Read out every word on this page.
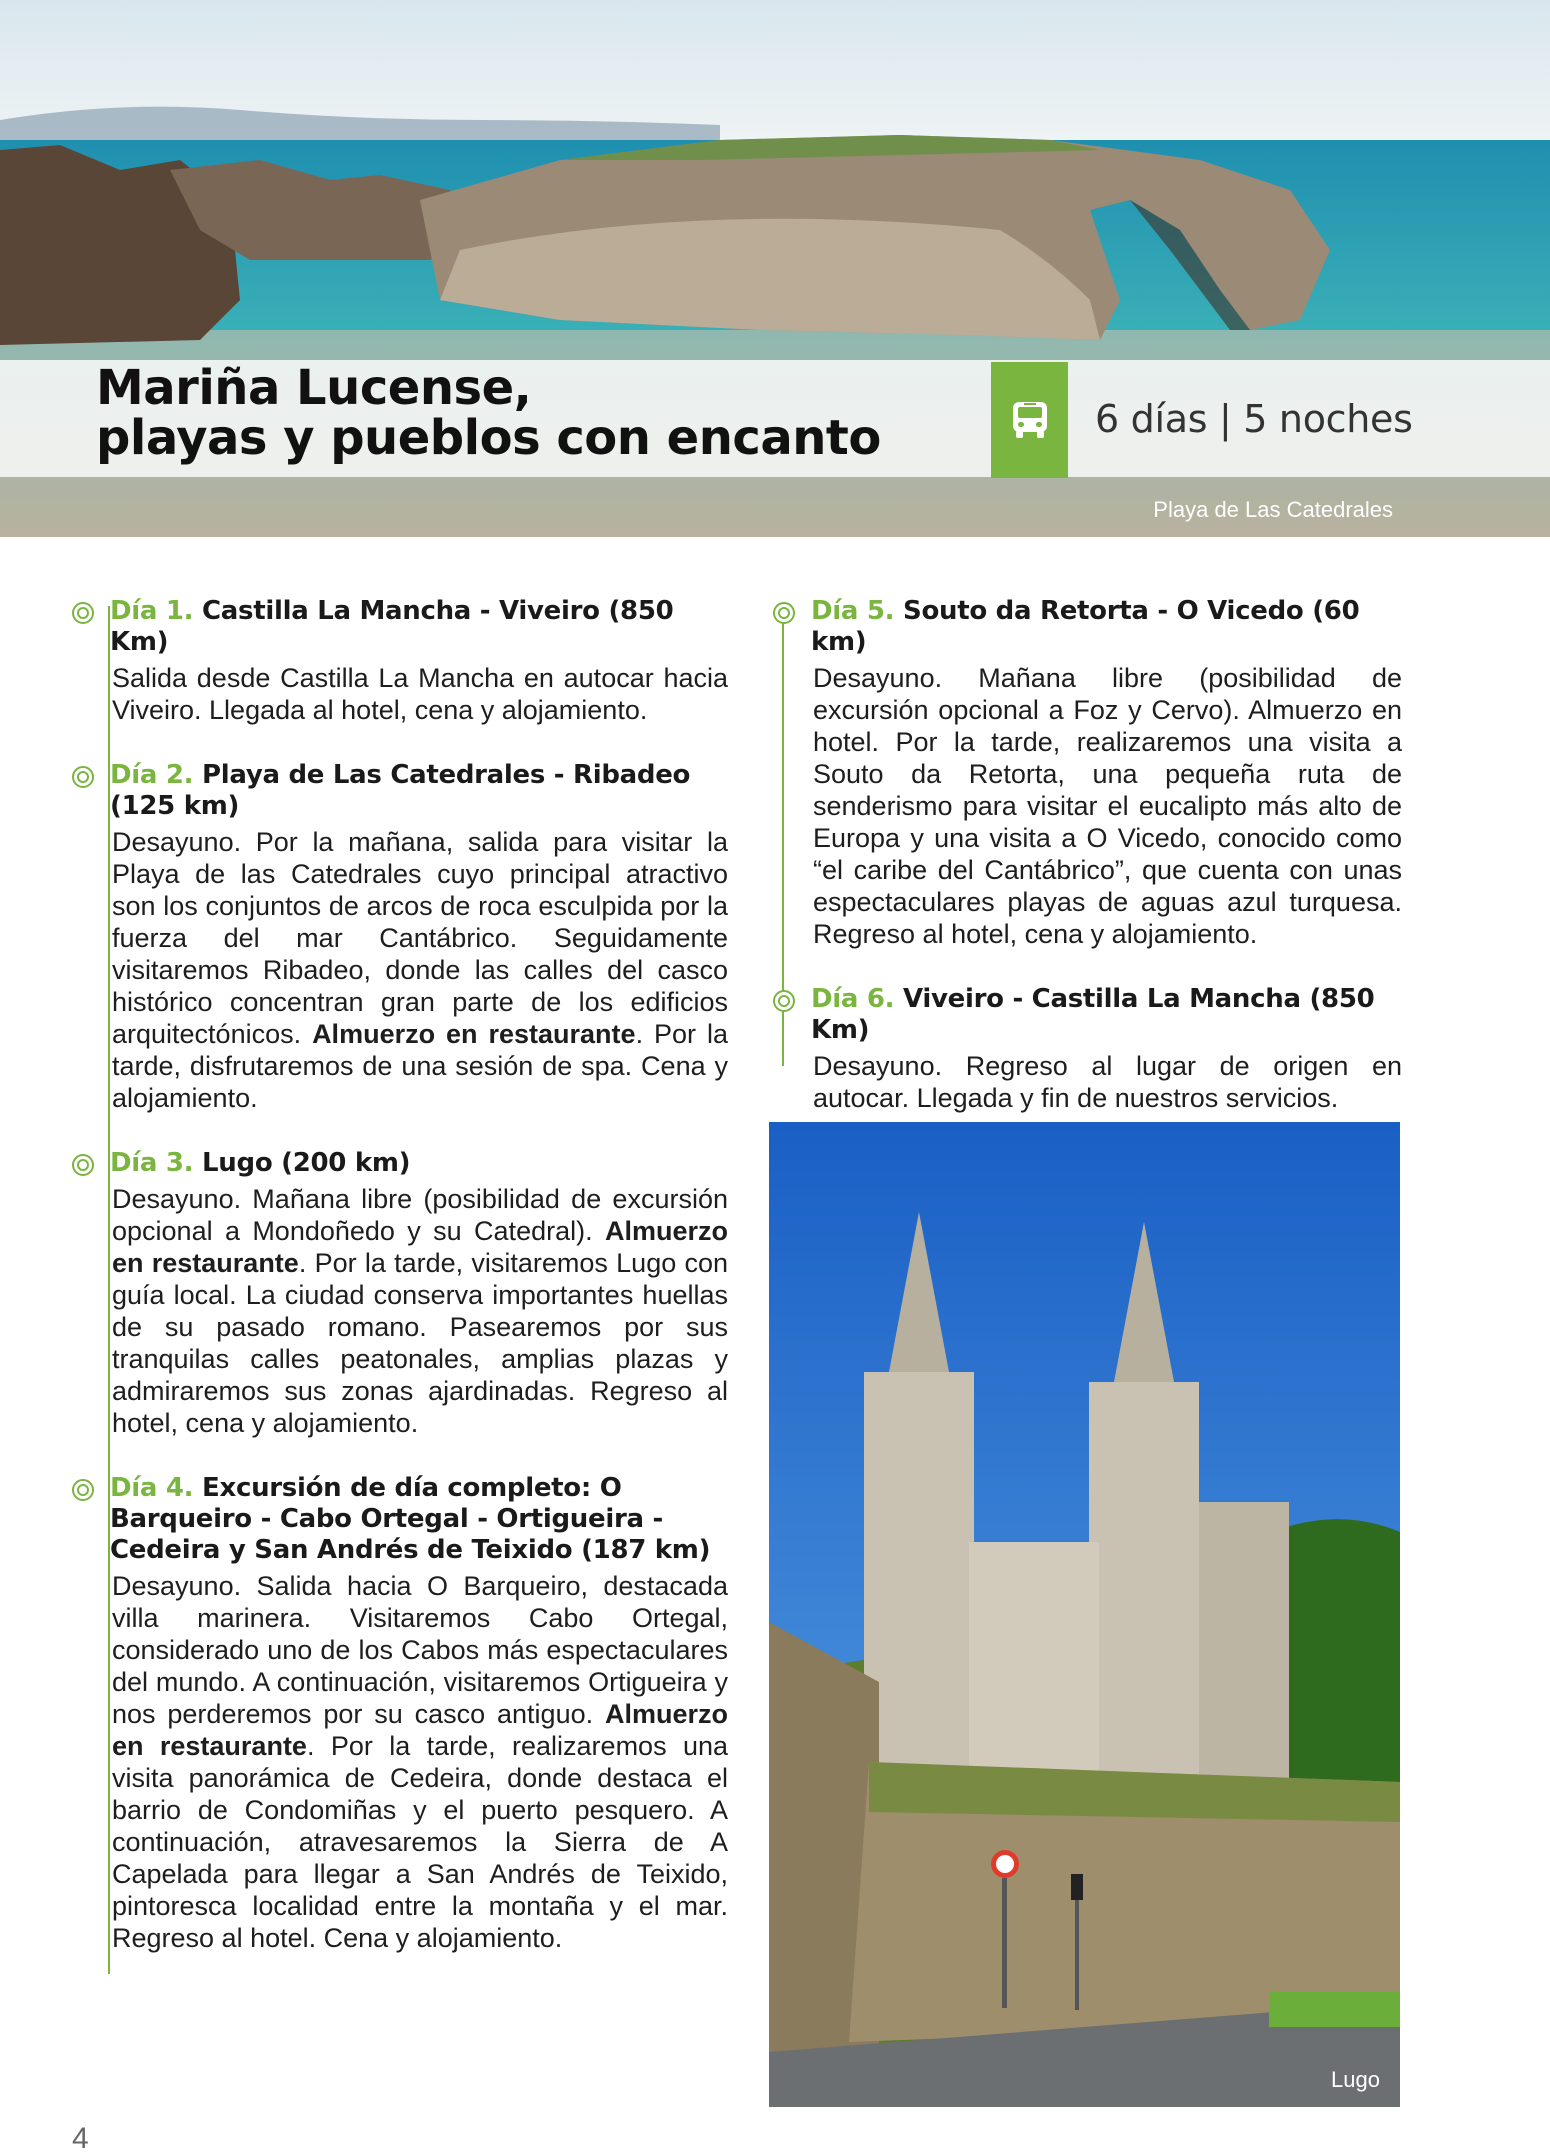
Mariña Lucense,
playas y pueblos con encanto	6 días | 5 noches
Playa de Las Catedrales
Día 1. Castilla La Mancha - Viveiro (850 Km)
Salida desde Castilla La Mancha en autocar hacia Viveiro. Llegada al hotel, cena y alojamiento.
Día 2. Playa de Las Catedrales - Ribadeo (125 km)
Desayuno. Por la mañana, salida para visitar la Playa de las Catedrales cuyo principal atractivo son los conjuntos de arcos de roca esculpida por la fuerza del mar Cantábrico. Seguidamente visitaremos Ribadeo, donde las calles del casco histórico concentran gran parte de los edificios arquitectónicos. Almuerzo en restaurante. Por la tarde, disfrutaremos de una sesión de spa. Cena y alojamiento.
Día 3. Lugo (200 km)
Desayuno. Mañana libre (posibilidad de excursión opcional a Mondoñedo y su Catedral). Almuerzo en restaurante. Por la tarde, visitaremos Lugo con guía local. La ciudad conserva importantes huellas de su pasado romano. Pasearemos por sus tranquilas calles peatonales, amplias plazas y admiraremos sus zonas ajardinadas. Regreso al hotel, cena y alojamiento.
Día 4. Excursión de día completo: O Barqueiro - Cabo Ortegal - Ortigueira - Cedeira y San Andrés de Teixido (187 km)
Desayuno. Salida hacia O Barqueiro, destacada villa marinera. Visitaremos Cabo Ortegal, considerado uno de los Cabos más espectaculares del mundo. A continuación, visitaremos Ortigueira y nos perderemos por su casco antiguo. Almuerzo en restaurante. Por la tarde, realizaremos una visita panorámica de Cedeira, donde destaca el barrio de Condomiñas y el puerto pesquero. A continuación, atravesaremos la Sierra de A Capelada para llegar a San Andrés de Teixido, pintoresca localidad entre la montaña y el mar. Regreso al hotel. Cena y alojamiento.
Día 5. Souto da Retorta - O Vicedo (60 km)
Desayuno. Mañana libre (posibilidad de excursión opcional a Foz y Cervo). Almuerzo en hotel. Por la tarde, realizaremos una visita a Souto da Retorta, una pequeña ruta de senderismo para visitar el eucalipto más alto de Europa y una visita a O Vicedo, conocido como “el caribe del Cantábrico”, que cuenta con unas espectaculares playas de aguas azul turquesa. Regreso al hotel, cena y alojamiento.
Día 6. Viveiro - Castilla La Mancha (850 Km)
Desayuno. Regreso al lugar de origen en autocar. Llegada y fin de nuestros servicios.
Lugo
4
